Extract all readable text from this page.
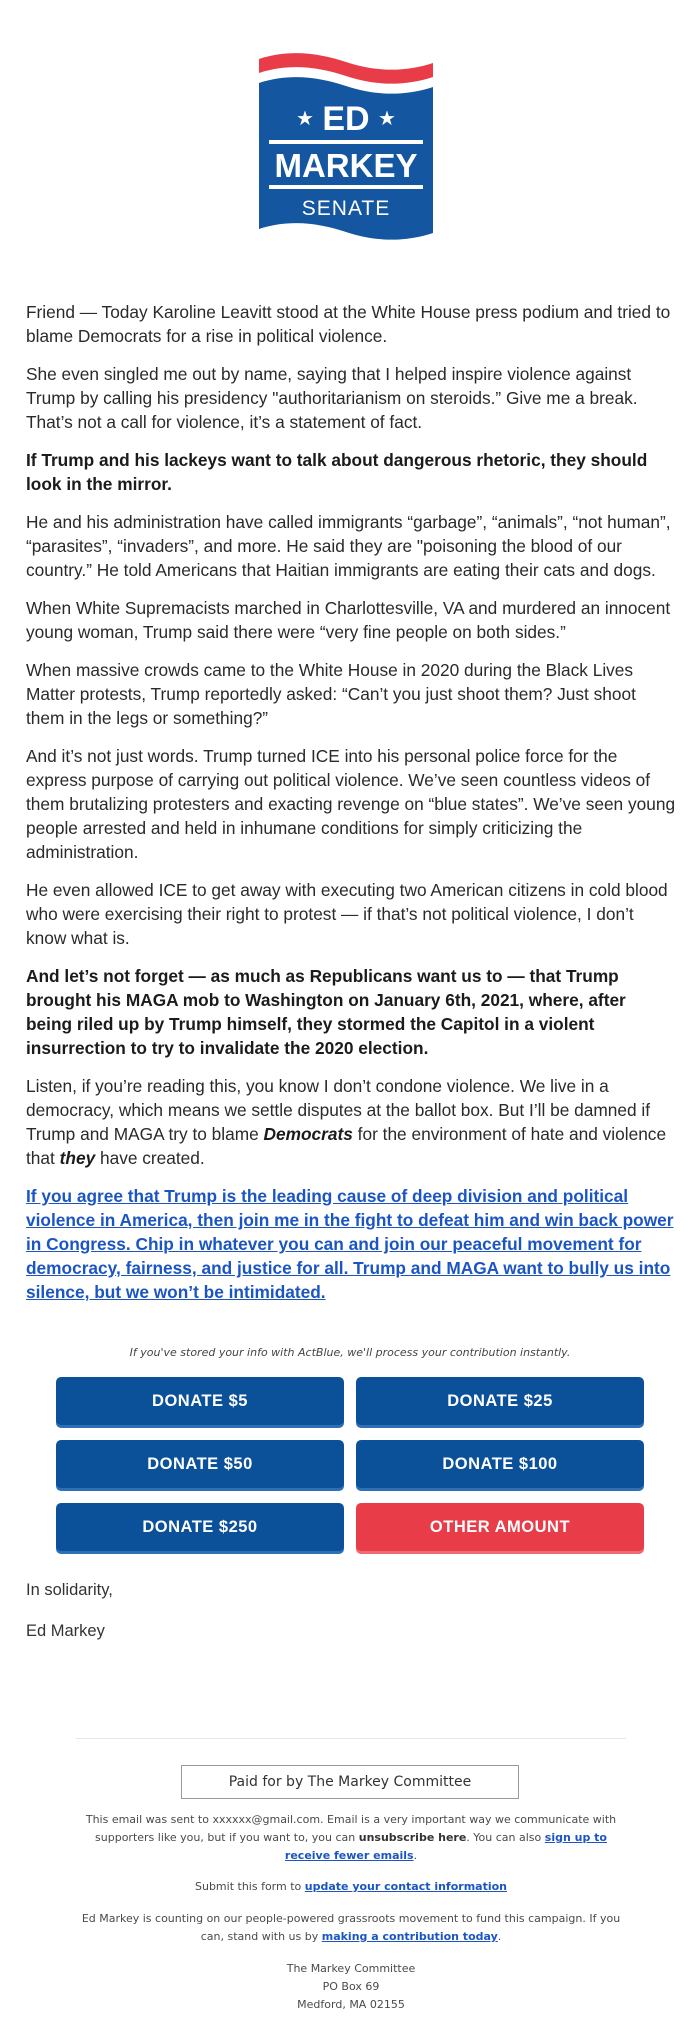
★	★
ED
MARKEY
SENATE

Friend — Today Karoline Leavitt stood at the White House press podium and tried to blame Democrats for a rise in political violence.

She even singled me out by name, saying that I helped inspire violence against Trump by calling his presidency "authoritarianism on steroids.” Give me a break. That’s not a call for violence, it’s a statement of fact.

If Trump and his lackeys want to talk about dangerous rhetoric, they should look in the mirror.

He and his administration have called immigrants “garbage”, “animals”, “not human”, “parasites”, “invaders”, and more. He said they are "poisoning the blood of our country.” He told Americans that Haitian immigrants are eating their cats and dogs.

When White Supremacists marched in Charlottesville, VA and murdered an innocent young woman, Trump said there were “very fine people on both sides.”

When massive crowds came to the White House in 2020 during the Black Lives Matter protests, Trump reportedly asked: “Can’t you just shoot them? Just shoot them in the legs or something?”

And it’s not just words. Trump turned ICE into his personal police force for the express purpose of carrying out political violence. We’ve seen countless videos of them brutalizing protesters and exacting revenge on “blue states”. We’ve seen young people arrested and held in inhumane conditions for simply criticizing the administration.

He even allowed ICE to get away with executing two American citizens in cold blood who were exercising their right to protest — if that’s not political violence, I don’t know what is.

And let’s not forget — as much as Republicans want us to — that Trump brought his MAGA mob to Washington on January 6th, 2021, where, after being riled up by Trump himself, they stormed the Capitol in a violent insurrection to try to invalidate the 2020 election.

Listen, if you’re reading this, you know I don’t condone violence. We live in a democracy, which means we settle disputes at the ballot box. But I’ll be damned if Trump and MAGA try to blame Democrats for the environment of hate and violence that they have created.

If you agree that Trump is the leading cause of deep division and political violence in America, then join me in the fight to defeat him and win back power in Congress. Chip in whatever you can and join our peaceful movement for democracy, fairness, and justice for all. Trump and MAGA want to bully us into silence, but we won’t be intimidated.

If you've stored your info with ActBlue, we'll process your contribution instantly.
DONATE $5	DONATE $25
DONATE $50	DONATE $100
DONATE $250	OTHER AMOUNT
In solidarity,
Ed Markey
Paid for by The Markey Committee
This email was sent to xxxxxx@gmail.com. Email is a very important way we communicate with supporters like you, but if you want to, you can unsubscribe here. You can also sign up to receive fewer emails.
Submit this form to update your contact information
Ed Markey is counting on our people-powered grassroots movement to fund this campaign. If you can, stand with us by making a contribution today.
The Markey Committee
PO Box 69
Medford, MA 02155
